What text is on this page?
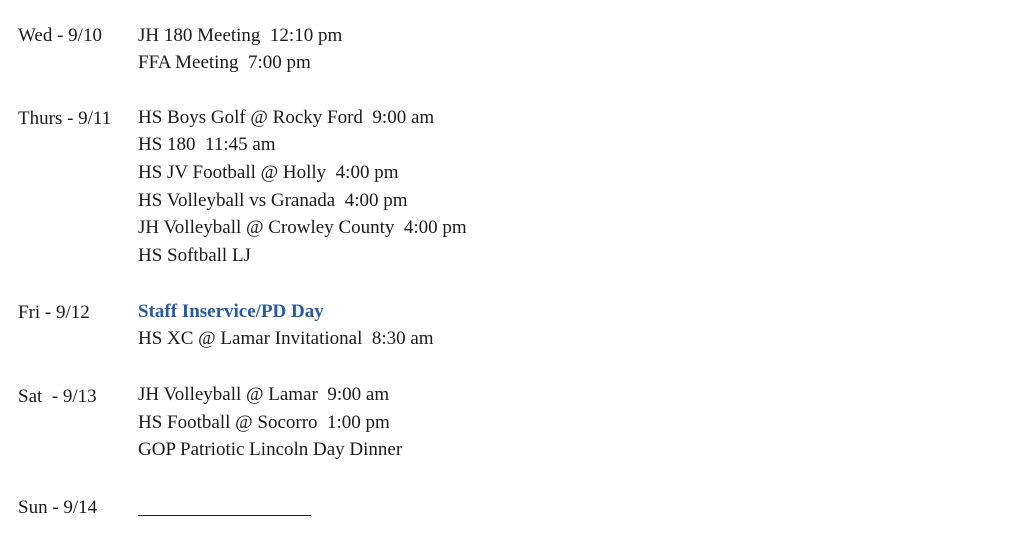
Wed - 9/10 JH 180 Meeting  12:10 pm
FFA Meeting  7:00 pm
Thurs - 9/11 HS Boys Golf @ Rocky Ford  9:00 am
HS 180  11:45 am
HS JV Football @ Holly  4:00 pm
HS Volleyball vs Granada  4:00 pm
JH Volleyball @ Crowley County  4:00 pm
HS Softball LJ
Fri - 9/12	Staff Inservice/PD Day
HS XC @ Lamar Invitational  8:30 am
Sat  - 9/13 JH Volleyball @ Lamar  9:00 am
HS Football @ Socorro  1:00 pm
GOP Patriotic Lincoln Day Dinner
Sun - 9/14
